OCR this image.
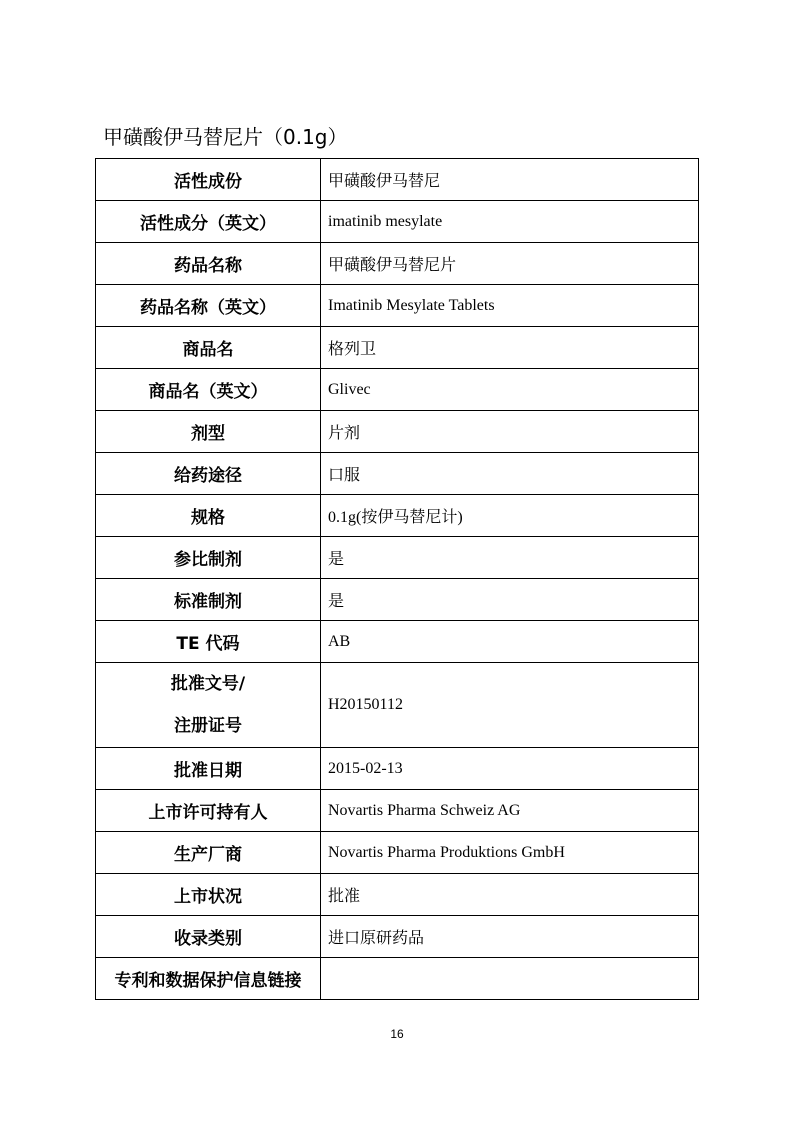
甲磺酸伊马替尼片（0.1g）
活性成份	甲磺酸伊马替尼
活性成分（英文）	imatinib mesylate
药品名称	甲磺酸伊马替尼片
药品名称（英文）	Imatinib Mesylate Tablets
商品名	格列卫
商品名（英文）	Glivec
剂型	片剂
给药途径	口服
规格	0.1g(按伊马替尼计)
参比制剂	是
标准制剂	是
TE 代码	AB

批准文号/
注册证号	H20150112
批准日期	2015-02-13
上市许可持有人	Novartis Pharma Schweiz AG
生产厂商	Novartis Pharma Produktions GmbH
上市状况	批准
收录类别	进口原研药品
专利和数据保护信息链接	
16
